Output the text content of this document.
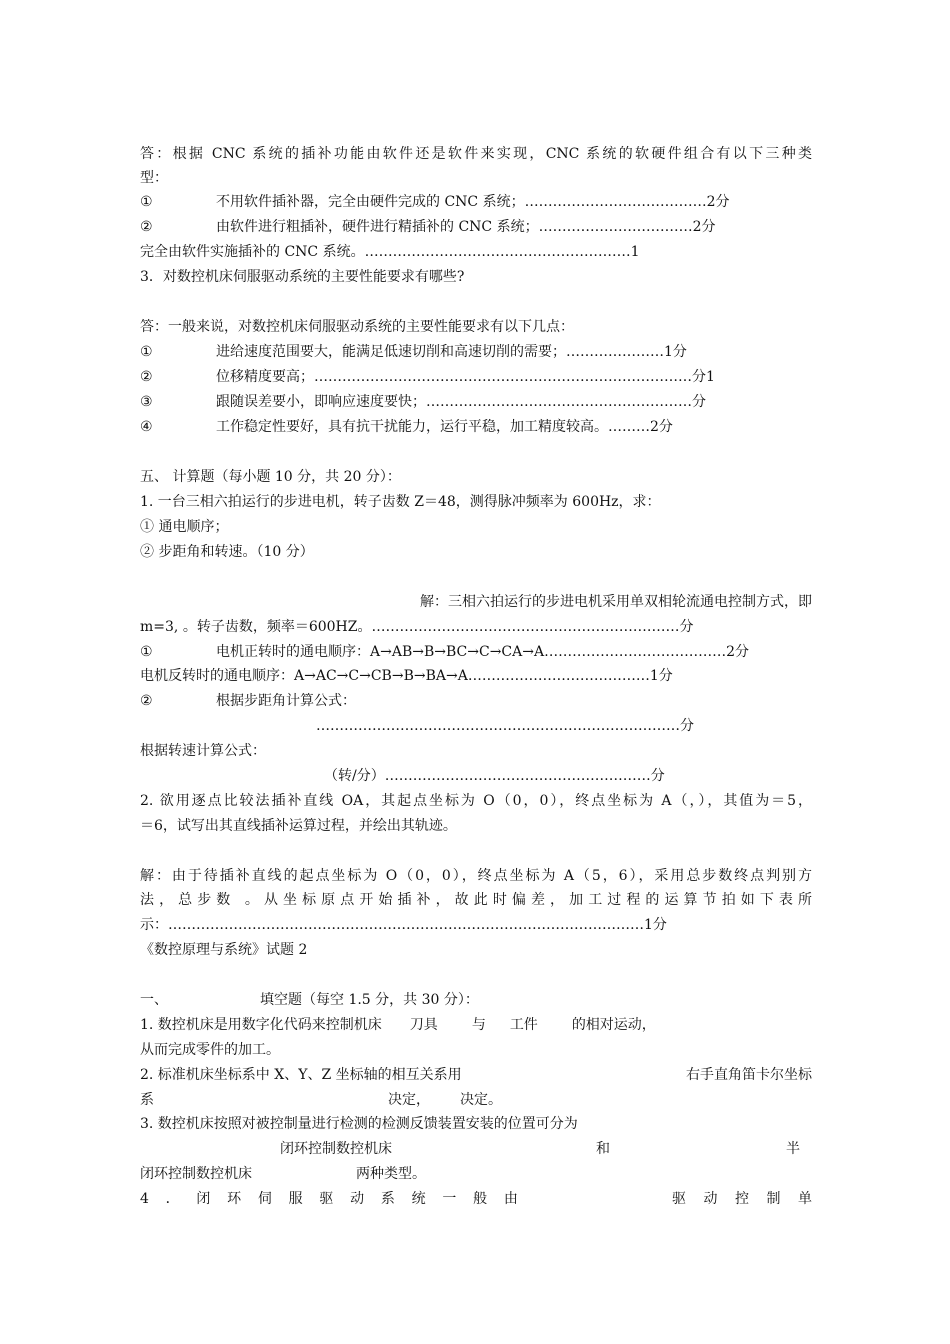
答：根据 CNC 系统的插补功能由软件还是软件来实现，CNC 系统的软硬件组合有以下三种类
型：
①	不用软件插补器，完全由硬件完成的 CNC 系统；…………………………………2分
②	由软件进行粗插补，硬件进行精插补的 CNC 系统；……………………………2分
完全由软件实施插补的 CNC 系统。…………………………………………………1
3．对数控机床伺服驱动系统的主要性能要求有哪些?
答：一般来说，对数控机床伺服驱动系统的主要性能要求有以下几点：
①	进给速度范围要大，能满足低速切削和高速切削的需要；…………………1分
②	位移精度要高；………………………………………………………………………分1
③	跟随误差要小，即响应速度要快；…………………………………………………分
④	工作稳定性要好，具有抗干扰能力，运行平稳，加工精度较高。………2分
五、 计算题（每小题 10 分，共 20 分）：
1. 一台三相六拍运行的步进电机，转子齿数 Z＝48，测得脉冲频率为 600Hz，求：
① 通电顺序；
② 步距角和转速。（10 分）
解：三相六拍运行的步进电机采用单双相轮流通电控制方式，即
m=3, 。转子齿数，频率＝600HZ。…………………………………………………………分
①	电机正转时的通电顺序：A→AB→B→BC→C→CA→A…………………………………2分
电机反转时的通电顺序：A→AC→C→CB→B→BA→A…………………………………1分
②	根据步距角计算公式：
……………………………………………………………………分
根据转速计算公式：
（转/分）…………………………………………………分
2. 欲用逐点比较法插补直线 OA，其起点坐标为 O（0，0），终点坐标为 A（，），其值为＝5，
＝6，试写出其直线插补运算过程，并绘出其轨迹。
解：由于待插补直线的起点坐标为 O（0，0），终点坐标为 A（5，6），采用总步数终点判别方
法，总步数 。从坐标原点开始插补，故此时偏差，加工过程的运算节拍如下表所
示：…………………………………………………………………………………………1分
《数控原理与系统》试题 2
一、	填空题（每空 1.5 分，共 30 分）：
1. 数控机床是用数字化代码来控制机床 刀具 与 工件 的相对运动，
从而完成零件的加工。
2. 标准机床坐标系中 X、Y、Z 坐标轴的相互关系用	右手直角笛卡尔坐标
系	决定， 决定。
3. 数控机床按照对被控制量进行检测的检测反馈装置安装的位置可分为
闭环控制数控机床	和	半
闭环控制数控机床	两种类型。
4 ． 闭 环 伺 服 驱 动 系 统 一 般 由	驱 动 控 制 单
